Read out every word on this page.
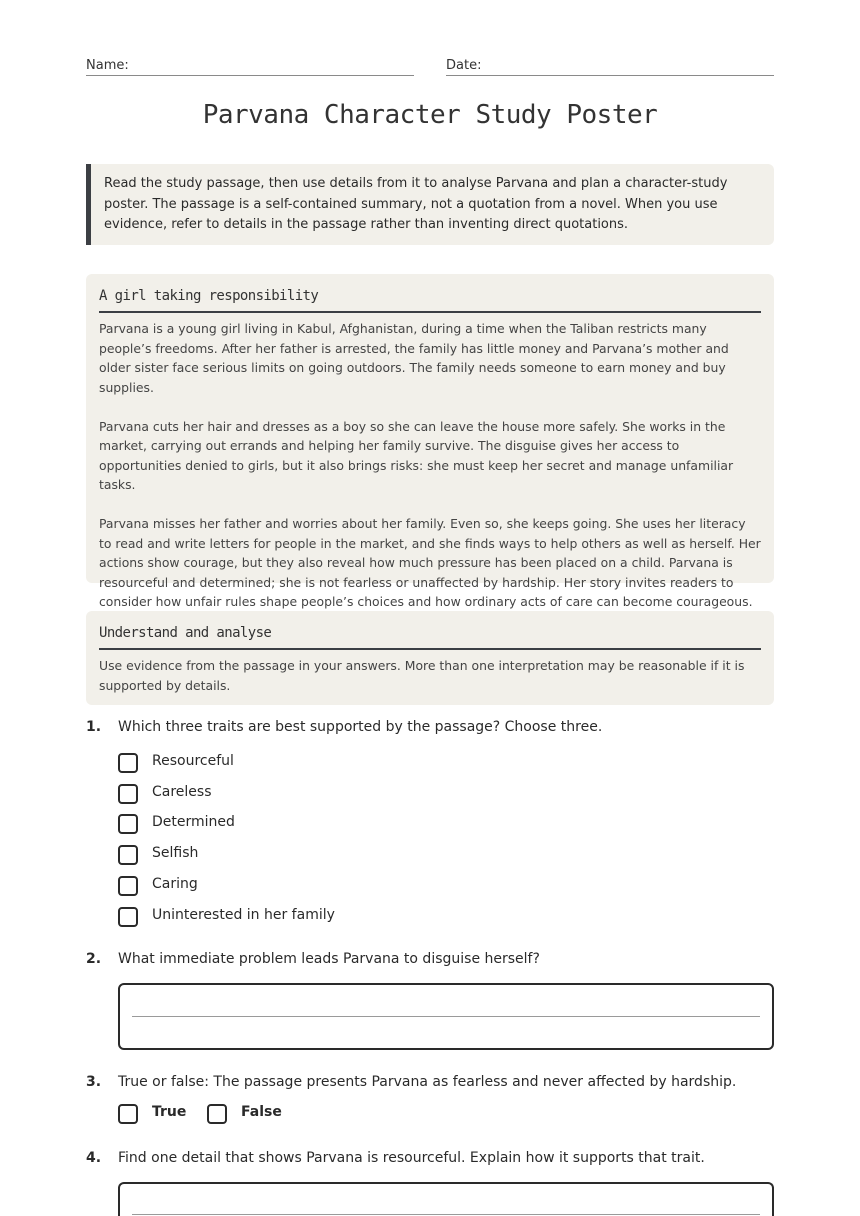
Name:	Date:
Parvana Character Study Poster
Read the study passage, then use details from it to analyse Parvana and plan a character-study poster. The passage is a self-contained summary, not a quotation from a novel. When you use evidence, refer to details in the passage rather than inventing direct quotations.
A girl taking responsibility

Parvana is a young girl living in Kabul, Afghanistan, during a time when the Taliban restricts many people’s freedoms. After her father is arrested, the family has little money and Parvana’s mother and older sister face serious limits on going outdoors. The family needs someone to earn money and buy supplies.

Parvana cuts her hair and dresses as a boy so she can leave the house more safely. She works in the market, carrying out errands and helping her family survive. The disguise gives her access to opportunities denied to girls, but it also brings risks: she must keep her secret and manage unfamiliar tasks.

Parvana misses her father and worries about her family. Even so, she keeps going. She uses her literacy to read and write letters for people in the market, and she finds ways to help others as well as herself. Her actions show courage, but they also reveal how much pressure has been placed on a child. Parvana is resourceful and determined; she is not fearless or unaffected by hardship. Her story invites readers to consider how unfair rules shape people’s choices and how ordinary acts of care can become courageous.

Understand and analyse

Use evidence from the passage in your answers. More than one interpretation may be reasonable if it is supported by details.

1. Which three traits are best supported by the passage? Choose three.
Resourceful
Careless
Determined
Selfish
Caring
Uninterested in her family
2. What immediate problem leads Parvana to disguise herself?
3. True or false: The passage presents Parvana as fearless and never affected by hardship.
True	False
4. Find one detail that shows Parvana is resourceful. Explain how it supports that trait.
